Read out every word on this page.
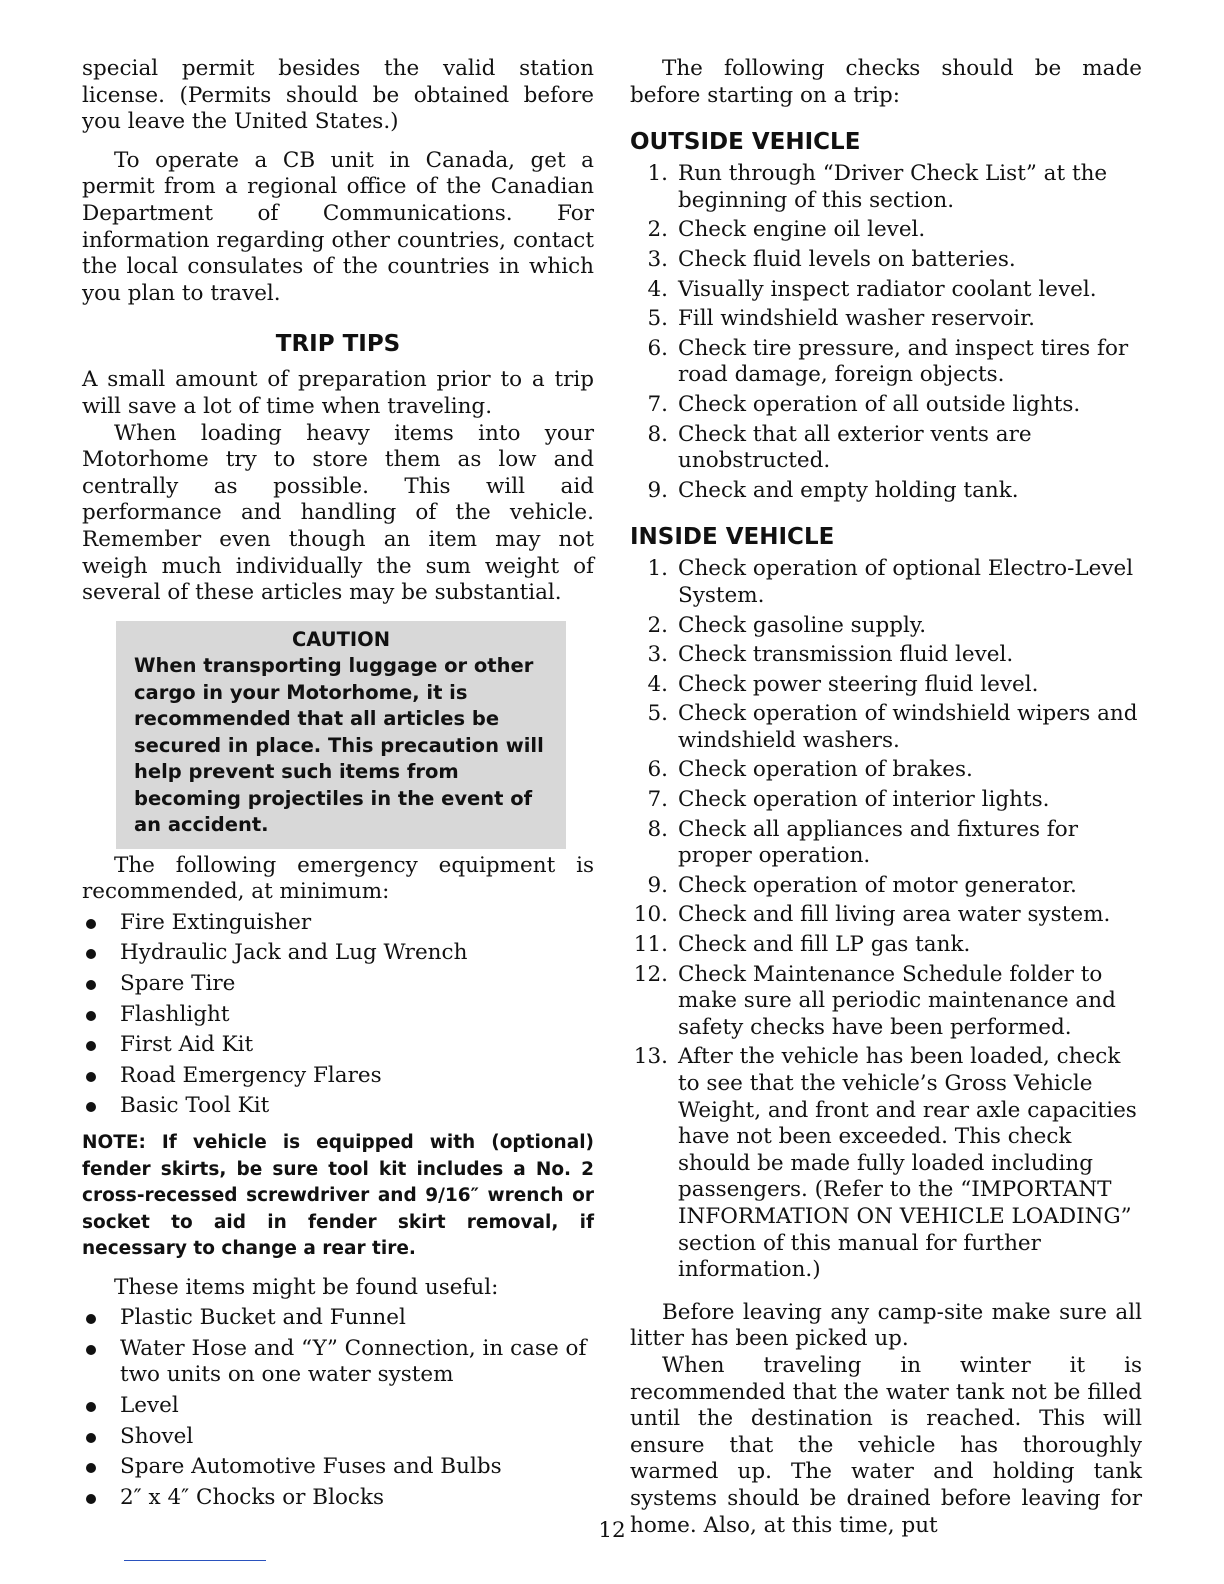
special permit besides the valid station license. (Permits should be obtained before you leave the United States.)

To operate a CB unit in Canada, get a permit from a regional office of the Canadian Department of Communications. For information regarding other countries, contact the local consulates of the countries in which you plan to travel.

TRIP TIPS

A small amount of preparation prior to a trip will save a lot of time when traveling.

When loading heavy items into your Motorhome try to store them as low and centrally as possible. This will aid performance and handling of the vehicle. Remember even though an item may not weigh much individually the sum weight of several of these articles may be substantial.

CAUTION
When transporting luggage or other cargo in your Motorhome, it is recommended that all articles be secured in place. This precaution will help prevent such items from becoming projectiles in the event of an accident.

The following emergency equipment is recommended, at minimum:

Fire Extinguisher
Hydraulic Jack and Lug Wrench
Spare Tire
Flashlight
First Aid Kit
Road Emergency Flares
Basic Tool Kit
NOTE: If vehicle is equipped with (optional) fender skirts, be sure tool kit includes a No. 2 cross-recessed screwdriver and 9/16″ wrench or socket to aid in fender skirt removal, if necessary to change a rear tire.

These items might be found useful:

Plastic Bucket and Funnel
Water Hose and “Y” Connection, in case of two units on one water system
Level
Shovel
Spare Automotive Fuses and Bulbs
2″ x 4″ Chocks or Blocks

The following checks should be made before starting on a trip:

OUTSIDE VEHICLE
1. Run through “Driver Check List” at the beginning of this section.
2. Check engine oil level.
3. Check fluid levels on batteries.
4. Visually inspect radiator coolant level.
5. Fill windshield washer reservoir.
6. Check tire pressure, and inspect tires for road damage, foreign objects.
7. Check operation of all outside lights.
8. Check that all exterior vents are unobstructed.
9. Check and empty holding tank.
INSIDE VEHICLE
1. Check operation of optional Electro-Level System.
2. Check gasoline supply.
3. Check transmission fluid level.
4. Check power steering fluid level.
5. Check operation of windshield wipers and windshield washers.
6. Check operation of brakes.
7. Check operation of interior lights.
8. Check all appliances and fixtures for proper operation.
9. Check operation of motor generator.
10. Check and fill living area water system.
11. Check and fill LP gas tank.
12. Check Maintenance Schedule folder to make sure all periodic maintenance and safety checks have been performed.
13. After the vehicle has been loaded, check to see that the vehicle’s Gross Vehicle Weight, and front and rear axle capacities have not been exceeded. This check should be made fully loaded including passengers. (Refer to the “IMPORTANT INFORMATION ON VEHICLE LOADING” section of this manual for further information.)

Before leaving any camp-site make sure all litter has been picked up.

When traveling in winter it is recommended that the water tank not be filled until the destination is reached. This will ensure that the vehicle has thoroughly warmed up. The water and holding tank systems should be drained before leaving for home. Also, at this time, put

12
